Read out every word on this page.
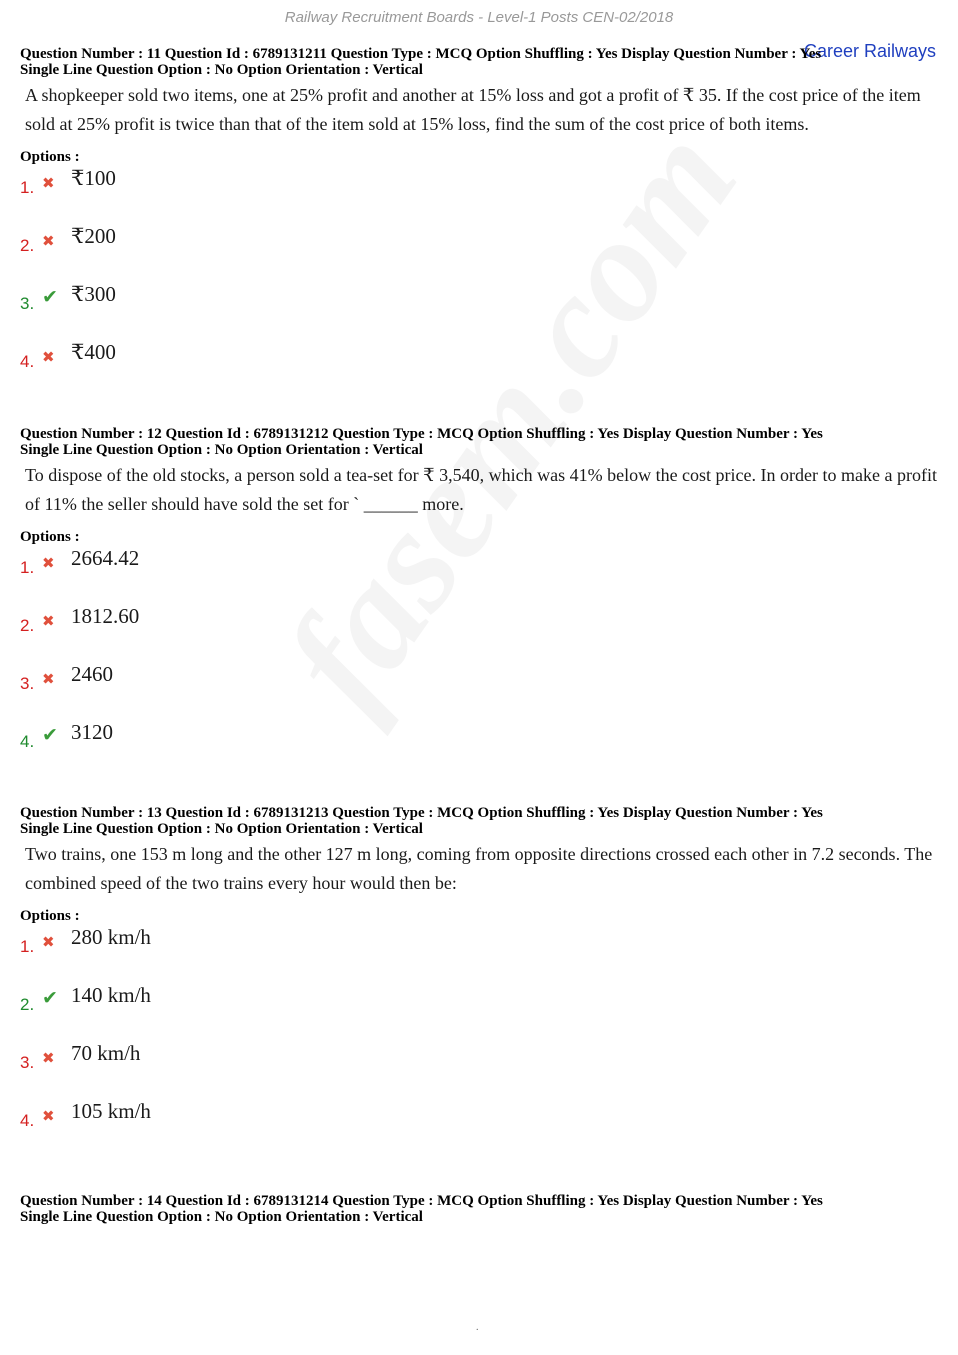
Railway Recruitment Boards - Level-1 Posts CEN-02/2018
Career Railways
Question Number : 11 Question Id : 6789131211 Question Type : MCQ Option Shuffling : Yes Display Question Number : Yes
Single Line Question Option : No Option Orientation : Vertical
A shopkeeper sold two items, one at 25% profit and another at 15% loss and got a profit of ₹ 35. If the cost price of the item sold at 25% profit is twice than that of the item sold at 15% loss, find the sum of the cost price of both items.
Options :
1. ✖ ₹100
2. ✖ ₹200
3. ✔ ₹300
4. ✖ ₹400
Question Number : 12 Question Id : 6789131212 Question Type : MCQ Option Shuffling : Yes Display Question Number : Yes
Single Line Question Option : No Option Orientation : Vertical
To dispose of the old stocks, a person sold a tea-set for ₹ 3,540, which was 41% below the cost price. In order to make a profit of 11% the seller should have sold the set for ` ______ more.
Options :
1. ✖ 2664.42
2. ✖ 1812.60
3. ✖ 2460
4. ✔ 3120
Question Number : 13 Question Id : 6789131213 Question Type : MCQ Option Shuffling : Yes Display Question Number : Yes
Single Line Question Option : No Option Orientation : Vertical
Two trains, one 153 m long and the other 127 m long, coming from opposite directions crossed each other in 7.2 seconds. The combined speed of the two trains every hour would then be:
Options :
1. ✖ 280 km/h
2. ✔ 140 km/h
3. ✖ 70 km/h
4. ✖ 105 km/h
Question Number : 14 Question Id : 6789131214 Question Type : MCQ Option Shuffling : Yes Display Question Number : Yes
Single Line Question Option : No Option Orientation : Vertical
.
